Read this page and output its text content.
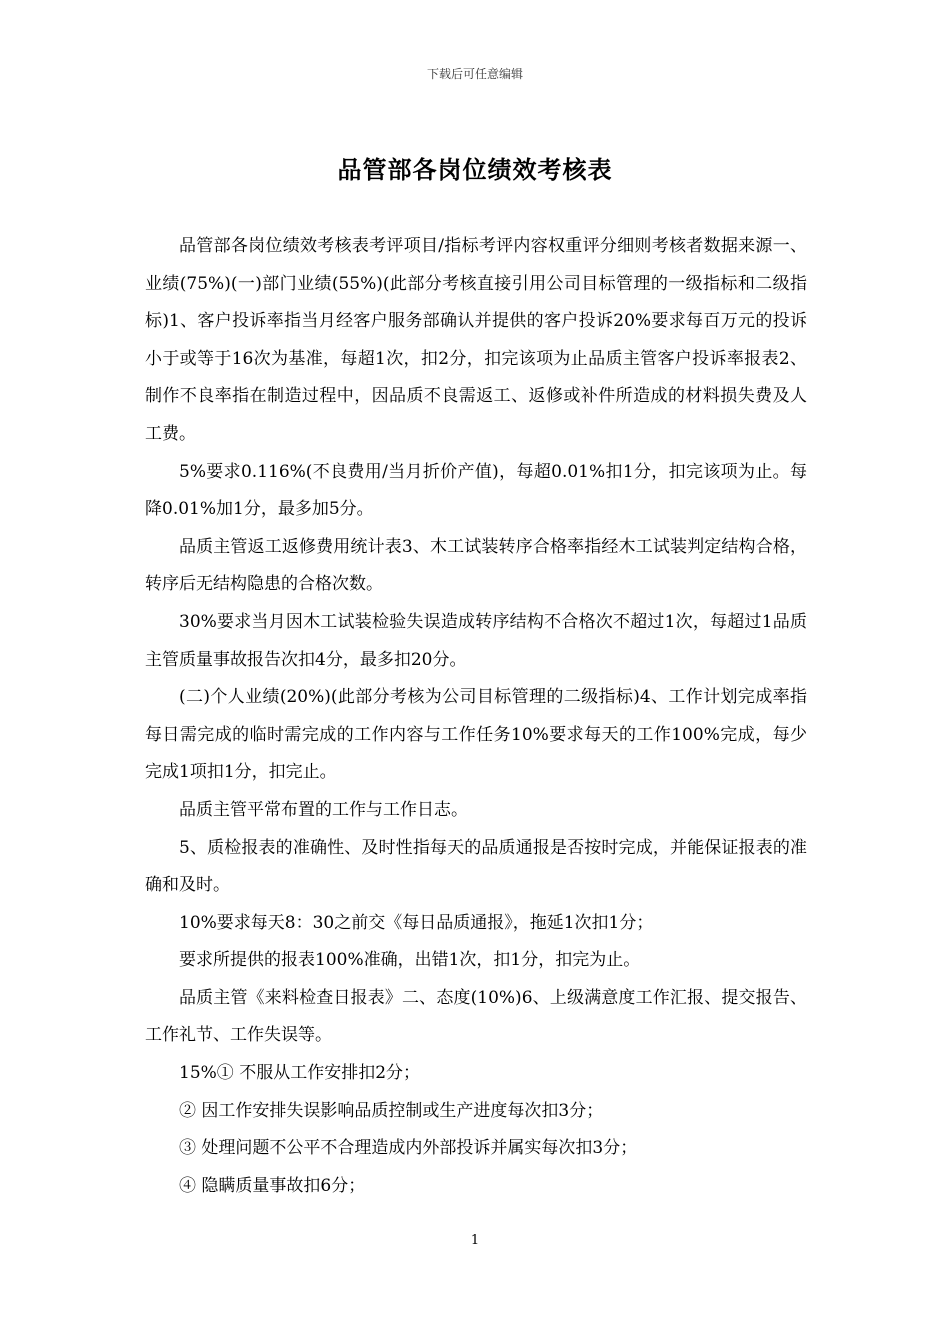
下载后可任意编辑
品管部各岗位绩效考核表

品管部各岗位绩效考核表考评项目/指标考评内容权重评分细则考核者数据来源一、业绩(75%)(一)部门业绩(55%)(此部分考核直接引用公司目标管理的一级指标和二级指标)1、客户投诉率指当月经客户服务部确认并提供的客户投诉20%要求每百万元的投诉小于或等于16次为基准，每超1次，扣2分，扣完该项为止品质主管客户投诉率报表2、制作不良率指在制造过程中，因品质不良需返工、返修或补件所造成的材料损失费及人工费。

5%要求0.116%(不良费用/当月折价产值)，每超0.01%扣1分，扣完该项为止。每降0.01%加1分，最多加5分。

品质主管返工返修费用统计表3、木工试装转序合格率指经木工试装判定结构合格，转序后无结构隐患的合格次数。

30%要求当月因木工试装检验失误造成转序结构不合格次不超过1次，每超过1品质主管质量事故报告次扣4分，最多扣20分。

(二)个人业绩(20%)(此部分考核为公司目标管理的二级指标)4、工作计划完成率指每日需完成的临时需完成的工作内容与工作任务10%要求每天的工作100%完成，每少完成1项扣1分，扣完止。

品质主管平常布置的工作与工作日志。

5、质检报表的准确性、及时性指每天的品质通报是否按时完成，并能保证报表的准确和及时。

10%要求每天8：30之前交《每日品质通报》，拖延1次扣1分；

要求所提供的报表100%准确，出错1次，扣1分，扣完为止。

品质主管《来料检查日报表》二、态度(10%)6、上级满意度工作汇报、提交报告、工作礼节、工作失误等。

15%① 不服从工作安排扣2分；

② 因工作安排失误影响品质控制或生产进度每次扣3分；

③ 处理问题不公平不合理造成内外部投诉并属实每次扣3分；

④ 隐瞒质量事故扣6分；

1
